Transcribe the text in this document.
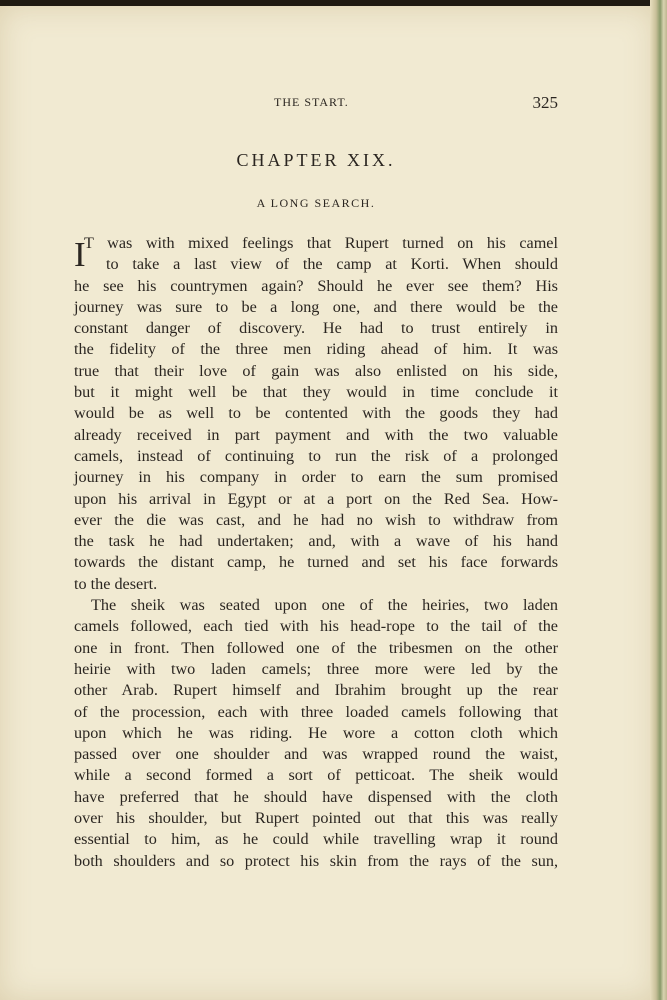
THE START.	325
CHAPTER XIX.
A LONG SEARCH.
I
T was with mixed feelings that Rupert turned on his camel
to take a last view of the camp at Korti. When should
he see his countrymen again? Should he ever see them? His
journey was sure to be a long one, and there would be the
constant danger of discovery. He had to trust entirely in
the fidelity of the three men riding ahead of him. It was
true that their love of gain was also enlisted on his side,
but it might well be that they would in time conclude it
would be as well to be contented with the goods they had
already received in part payment and with the two valuable
camels, instead of continuing to run the risk of a prolonged
journey in his company in order to earn the sum promised
upon his arrival in Egypt or at a port on the Red Sea. How-
ever the die was cast, and he had no wish to withdraw from
the task he had undertaken; and, with a wave of his hand
towards the distant camp, he turned and set his face forwards
to the desert.
The sheik was seated upon one of the heiries, two laden
camels followed, each tied with his head-rope to the tail of the
one in front. Then followed one of the tribesmen on the other
heirie with two laden camels; three more were led by the
other Arab. Rupert himself and Ibrahim brought up the rear
of the procession, each with three loaded camels following that
upon which he was riding. He wore a cotton cloth which
passed over one shoulder and was wrapped round the waist,
while a second formed a sort of petticoat. The sheik would
have preferred that he should have dispensed with the cloth
over his shoulder, but Rupert pointed out that this was really
essential to him, as he could while travelling wrap it round
both shoulders and so protect his skin from the rays of the sun,
